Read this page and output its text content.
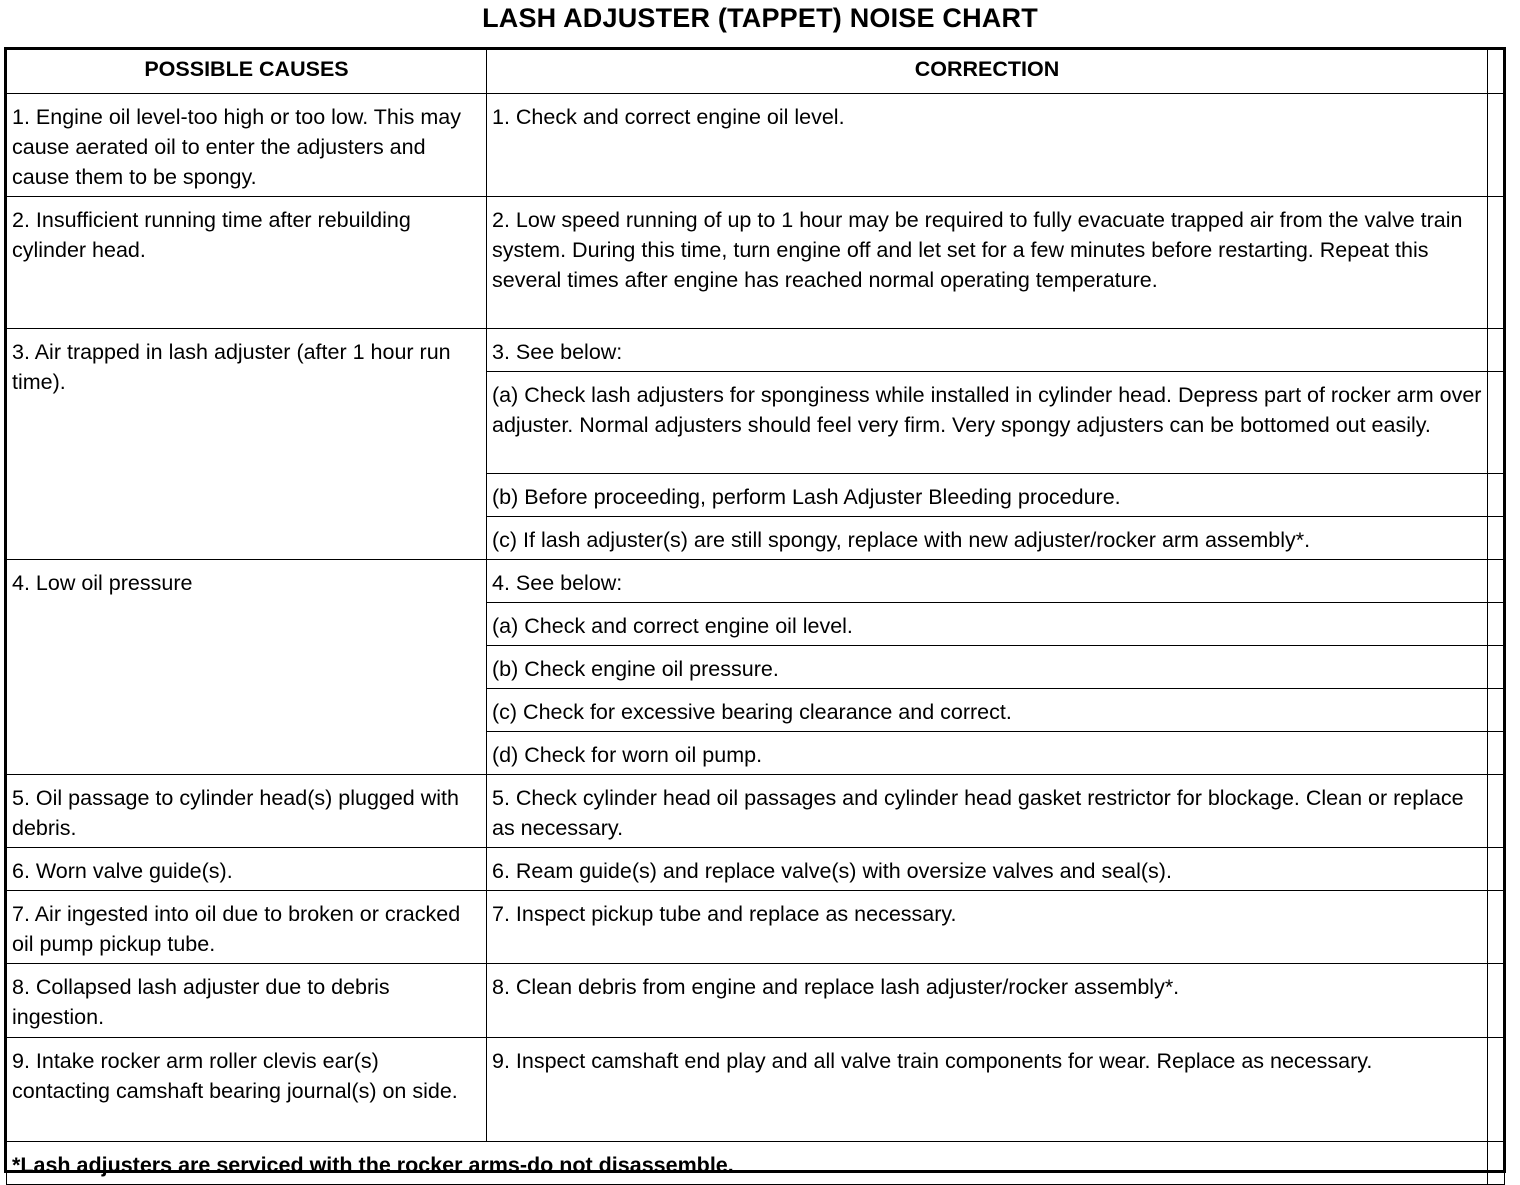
LASH ADJUSTER (TAPPET) NOISE CHART
POSSIBLE CAUSES	CORRECTION	
1. Engine oil level-too high or too low. This may cause aerated oil to enter the adjusters and cause them to be spongy.	1. Check and correct engine oil level.	
2. Insufficient running time after rebuilding cylinder head.	2. Low speed running of up to 1 hour may be required to fully evacuate trapped air from the valve train system. During this time, turn engine off and let set for a few minutes before restarting. Repeat this several times after engine has reached normal operating temperature.	
3. Air trapped in lash adjuster (after 1 hour run time).	3. See below:	
	(a) Check lash adjusters for sponginess while installed in cylinder head. Depress part of rocker arm over adjuster. Normal adjusters should feel very firm. Very spongy adjusters can be bottomed out easily.	
	(b) Before proceeding, perform Lash Adjuster Bleeding procedure.	
	(c) If lash adjuster(s) are still spongy, replace with new adjuster/rocker arm assembly*.	
4. Low oil pressure	4. See below:	
	(a) Check and correct engine oil level.	
	(b) Check engine oil pressure.	
	(c) Check for excessive bearing clearance and correct.	
	(d) Check for worn oil pump.	
5. Oil passage to cylinder head(s) plugged with debris.	5. Check cylinder head oil passages and cylinder head gasket restrictor for blockage. Clean or replace as necessary.	
6. Worn valve guide(s).	6. Ream guide(s) and replace valve(s) with oversize valves and seal(s).	
7. Air ingested into oil due to broken or cracked oil pump pickup tube.	7. Inspect pickup tube and replace as necessary.	
8. Collapsed lash adjuster due to debris ingestion.	8. Clean debris from engine and replace lash adjuster/rocker assembly*.	
9. Intake rocker arm roller clevis ear(s) contacting camshaft bearing journal(s) on side.	9. Inspect camshaft end play and all valve train components for wear. Replace as necessary.	
*Lash adjusters are serviced with the rocker arms-do not disassemble.		
